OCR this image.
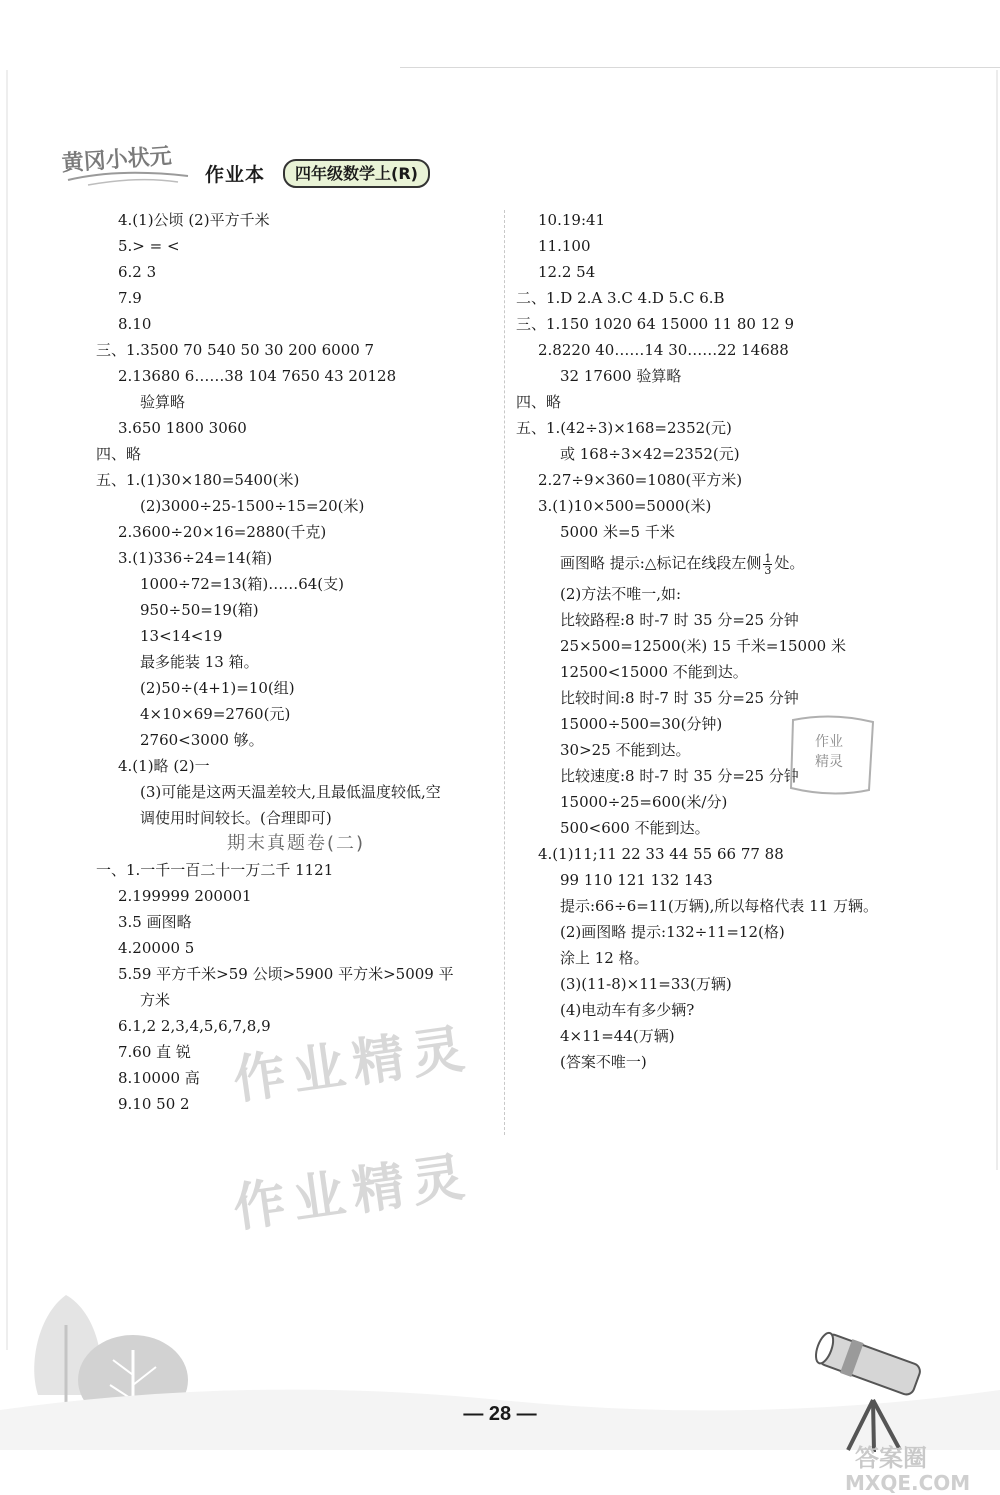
黄冈小状元 作业本	四年级数学上(R)
4.(1)公顷 (2)平方千米
5.> = <
6.2 3
7.9
8.10
三、1.3500 70 540 50 30 200 6000 7
2.13680 6……38 104 7650 43 20128
验算略
3.650 1800 3060
四、略
五、1.(1)30×180=5400(米)
(2)3000÷25-1500÷15=20(米)
2.3600÷20×16=2880(千克)
3.(1)336÷24=14(箱)
1000÷72=13(箱)……64(支)
950÷50=19(箱)
13<14<19
最多能装 13 箱。
(2)50÷(4+1)=10(组)
4×10×69=2760(元)
2760<3000 够。
4.(1)略 (2)一
(3)可能是这两天温差较大,且最低温度较低,空
调使用时间较长。(合理即可)
期末真题卷(二)
一、1.一千一百二十一万二千 1121
2.199999 200001
3.5 画图略
4.20000 5
5.59 平方千米>59 公顷>5900 平方米>5009 平
方米
6.1,2 2,3,4,5,6,7,8,9
7.60 直 锐
8.10000 高
9.10 50 2
10.19:41
11.100
12.2 54
二、1.D 2.A 3.C 4.D 5.C 6.B
三、1.150 1020 64 15000 11 80 12 9
2.8220 40……14 30……22 14688
32 17600 验算略
四、略
五、1.(42÷3)×168=2352(元)
或 168÷3×42=2352(元)
2.27÷9×360=1080(平方米)
3.(1)10×500=5000(米)
5000 米=5 千米
画图略 提示:△标记在线段左侧 $\frac{1}{3}$ 处。
(2)方法不唯一,如:
比较路程:8 时-7 时 35 分=25 分钟
25×500=12500(米) 15 千米=15000 米
12500<15000 不能到达。
比较时间:8 时-7 时 35 分=25 分钟
15000÷500=30(分钟)
30>25 不能到达。
比较速度:8 时-7 时 35 分=25 分钟
15000÷25=600(米/分)
500<600 不能到达。
4.(1)11;11 22 33 44 55 66 77 88
99 110 121 132 143
提示:66÷6=11(万辆),所以每格代表 11 万辆。
(2)画图略 提示:132÷11=12(格)
涂上 12 格。
(3)(11-8)×11=33(万辆)
(4)电动车有多少辆?
4×11=44(万辆)
(答案不唯一)
作业精灵
作业精灵
作业
精灵
— 28 —
答案圈
MXQE.COM
